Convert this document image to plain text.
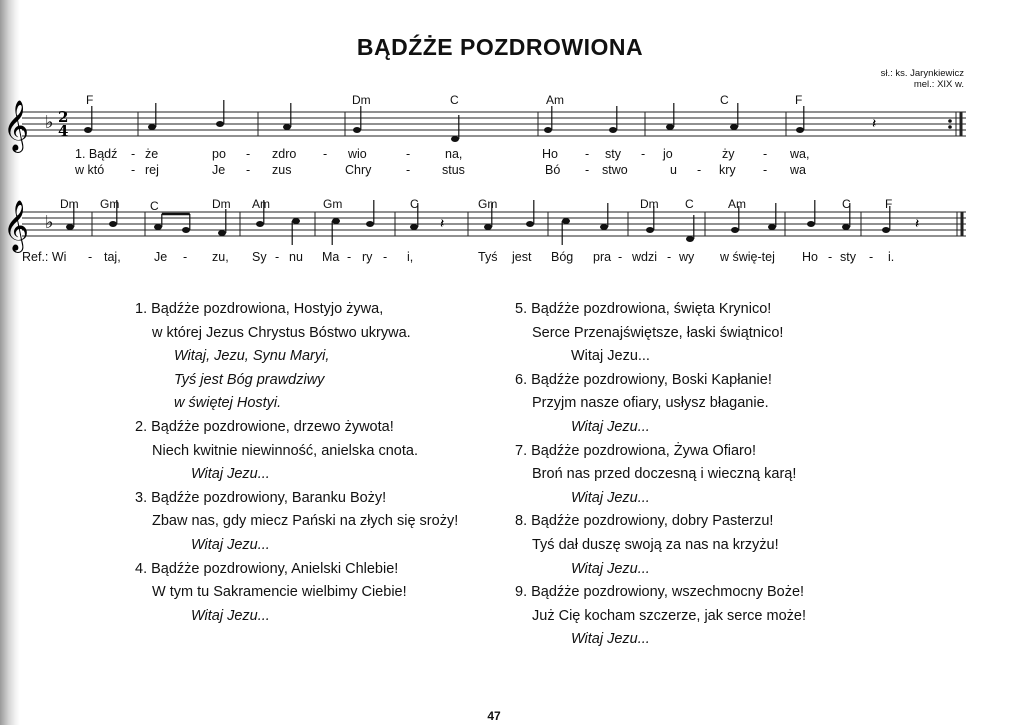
BĄDŹŻE POZDROWIONA
sł.: ks. Jarynkiewicz
mel.: XIX w.
𝄞 ♭ 2
4	𝄽
F	Dm	C	Am	C	F
1. Bądź - że	po - zdro - wio	-	na,	Ho - sty - jo	ży - wa,
w któ - rej	Je - zus	Chry	-	stus	Bó - stwo	u - kry - wa
𝄞 ♭	𝄽	𝄽
Dm Gm	C	Dm Am	Gm	C	Gm	Dm C	Am	C	F
Ref.: Wi - taj,	Je - zu, Sy - nu Ma - ry - i,	Tyś jest Bóg pra - wdzi - wy w świę-tej Ho - sty - i.
1. Bądźże pozdrowiona, Hostyjo żywa,
w której Jezus Chrystus Bóstwo ukrywa.
Witaj, Jezu, Synu Maryi,
Tyś jest Bóg prawdziwy
w świętej Hostyi.
2. Bądźże pozdrowione, drzewo żywota!
Niech kwitnie niewinność, anielska cnota.
Witaj Jezu...
3. Bądźże pozdrowiony, Baranku Boży!
Zbaw nas, gdy miecz Pański na złych się sroży!
Witaj Jezu...
4. Bądźże pozdrowiony, Anielski Chlebie!
W tym tu Sakramencie wielbimy Ciebie!
Witaj Jezu...
5. Bądźże pozdrowiona, święta Krynico!
Serce Przenajświętsze, łaski świątnico!
Witaj Jezu...
6. Bądźże pozdrowiony, Boski Kapłanie!
Przyjm nasze ofiary, usłysz błaganie.
Witaj Jezu...
7. Bądźże pozdrowiona, Żywa Ofiaro!
Broń nas przed doczesną i wieczną karą!
Witaj Jezu...
8. Bądźże pozdrowiony, dobry Pasterzu!
Tyś dał duszę swoją za nas na krzyżu!
Witaj Jezu...
9. Bądźże pozdrowiony, wszechmocny Boże!
Już Cię kocham szczerze, jak serce może!
Witaj Jezu...
47
